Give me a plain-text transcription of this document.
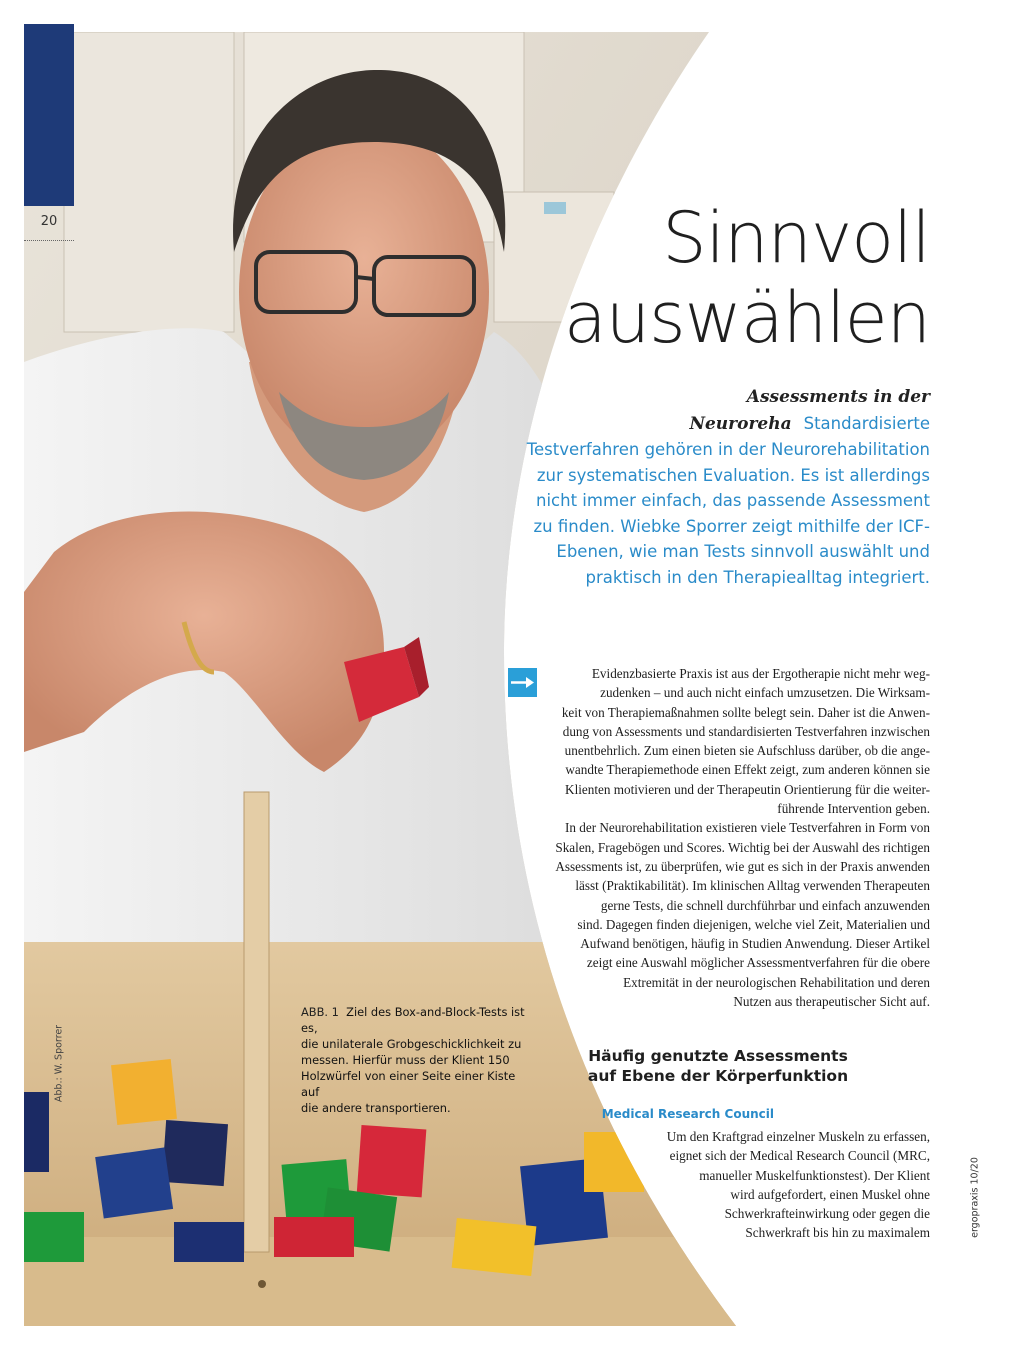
20	Sinnvoll
auswählen

Assessments in der Neuroreha Standardisierte
Testverfahren gehören in der Neurorehabilitation
zur systematischen Evaluation. Es ist allerdings
nicht immer einfach, das passende Assessment
zu finden. Wiebke Sporrer zeigt mithilfe der ICF-
Ebenen, wie man Tests sinnvoll auswählt und
praktisch in den Therapiealltag integriert.

Evidenzbasierte Praxis ist aus der Ergotherapie nicht mehr weg-
zudenken – und auch nicht einfach umzusetzen. Die Wirksam-
keit von Therapiemaßnahmen sollte belegt sein. Daher ist die Anwen-
dung von Assessments und standardisierten Testverfahren inzwischen
unentbehrlich. Zum einen bieten sie Aufschluss darüber, ob die ange-
wandte Therapiemethode einen Effekt zeigt, zum anderen können sie
Klienten motivieren und der Therapeutin Orientierung für die weiter-
führende Intervention geben.

In der Neurorehabilitation existieren viele Testverfahren in Form von
Skalen, Fragebögen und Scores. Wichtig bei der Auswahl des richtigen
Assessments ist, zu überprüfen, wie gut es sich in der Praxis anwenden
lässt (Praktikabilität). Im klinischen Alltag verwenden Therapeuten
gerne Tests, die schnell durchführbar und einfach anzuwenden
sind. Dagegen finden diejenigen, welche viel Zeit, Materialien und
Aufwand benötigen, häufig in Studien Anwendung. Dieser Artikel
zeigt eine Auswahl möglicher Assessmentverfahren für die obere
Extremität in der neurologischen Rehabilitation und deren
Nutzen aus therapeutischer Sicht auf.

Häufig genutzte Assessments
auf Ebene der Körperfunktion
Medical Research Council

Um den Kraftgrad einzelner Muskeln zu erfassen,
eignet sich der Medical Research Council (MRC,
manueller Muskelfunktionstest). Der Klient
wird aufgefordert, einen Muskel ohne
Schwerkrafteinwirkung oder gegen die
Schwerkraft bis hin zu maximalem

ABB. 1 Ziel des Box-and-Block-Tests ist es,
die unilaterale Grobgeschicklichkeit zu
messen. Hierfür muss der Klient 150
Holzwürfel von einer Seite einer Kiste auf
die andere transportieren.

Abb.: W. Sporrer
ergopraxis 10/20
